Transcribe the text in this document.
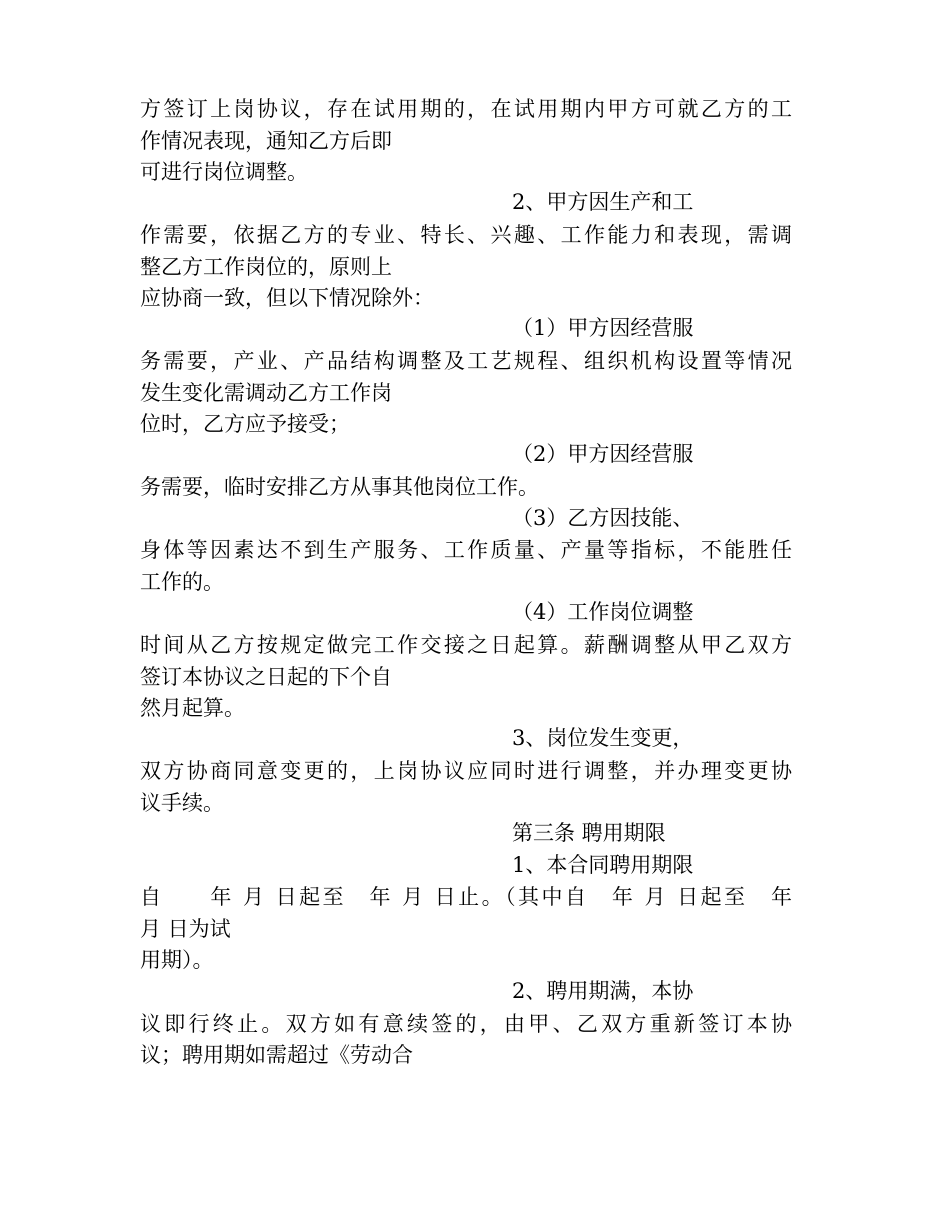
方签订上岗协议，存在试用期的，在试用期内甲方可就乙方的工
作情况表现，通知乙方后即
可进行岗位调整。
2、甲方因生产和工
作需要，依据乙方的专业、特长、兴趣、工作能力和表现，需调
整乙方工作岗位的，原则上
应协商一致，但以下情况除外：
（1）甲方因经营服
务需要，产业、产品结构调整及工艺规程、组织机构设置等情况
发生变化需调动乙方工作岗
位时，乙方应予接受；
（2）甲方因经营服
务需要，临时安排乙方从事其他岗位工作。
（3）乙方因技能、
身体等因素达不到生产服务、工作质量、产量等指标，不能胜任
工作的。
（4）工作岗位调整
时间从乙方按规定做完工作交接之日起算。薪酬调整从甲乙双方
签订本协议之日起的下个自
然月起算。
3、岗位发生变更，
双方协商同意变更的，上岗协议应同时进行调整，并办理变更协
议手续。
第三条 聘用期限
1、本合同聘用期限
自　　年 月 日起至　年 月 日止。（其中自　年 月 日起至　年
月 日为试
用期）。
2、聘用期满，本协
议即行终止。双方如有意续签的，由甲、乙双方重新签订本协
议；聘用期如需超过《劳动合
